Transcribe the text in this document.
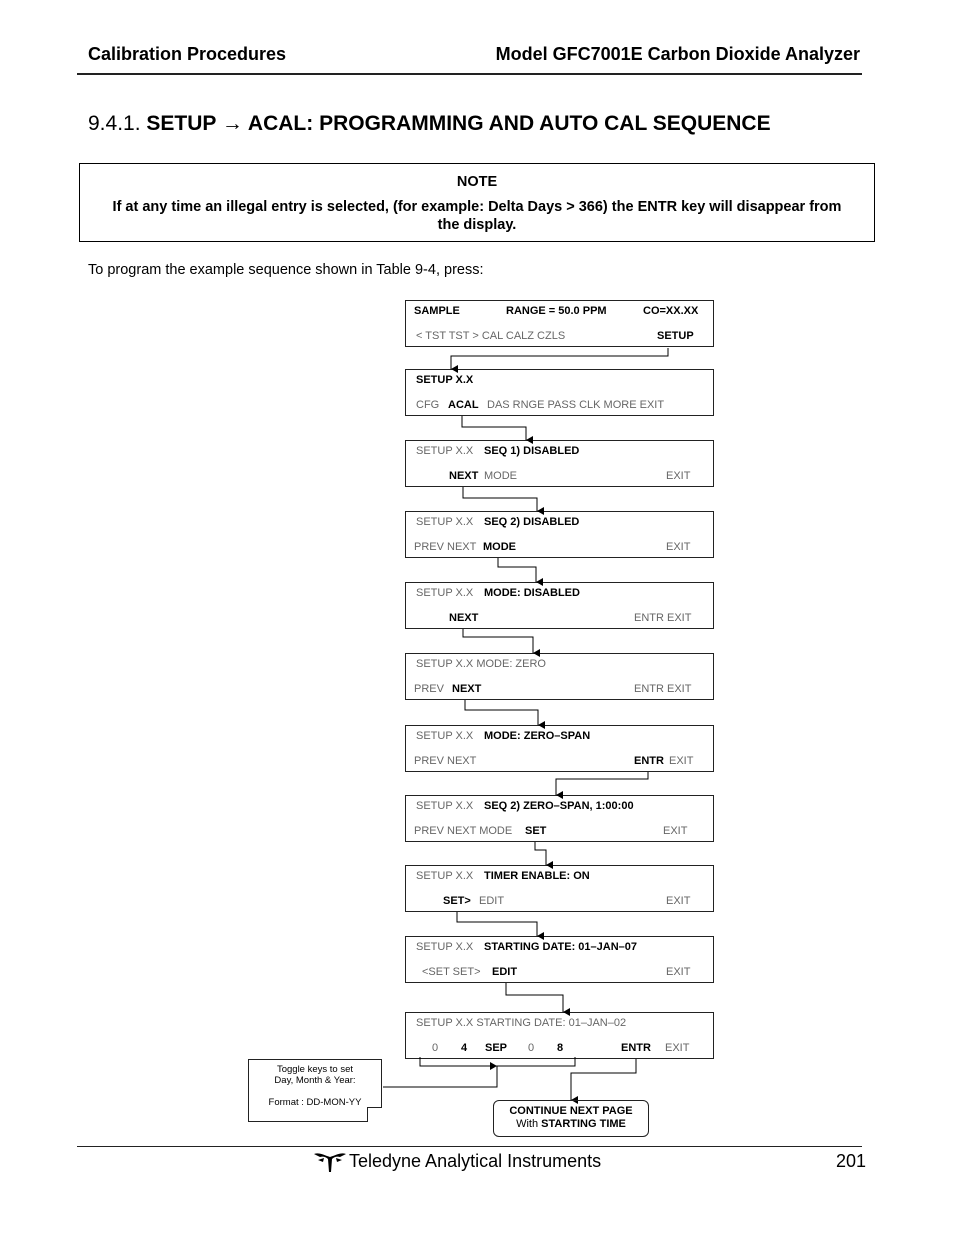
Calibration Procedures	Model GFC7001E Carbon Dioxide Analyzer
9.4.1. SETUP → ACAL: PROGRAMMING AND AUTO CAL SEQUENCE
NOTE
If at any time an illegal entry is selected, (for example: Delta Days > 366) the ENTR key will disappear from the display.
To program the example sequence shown in Table 9-4, press:
SAMPLE	RANGE = 50.0 PPM	CO=XX.XX
< TST TST > CAL CALZ CZLS	SETUP
SETUP X.X
CFG ACAL DAS RNGE PASS CLK MORE EXIT
SETUP X.X SEQ 1) DISABLED
NEXT MODE	EXIT
SETUP X.X SEQ 2) DISABLED
PREV NEXT MODE	EXIT
SETUP X.X MODE: DISABLED
NEXT	ENTR EXIT
SETUP X.X MODE: ZERO
PREV NEXT	ENTR EXIT
SETUP X.X MODE: ZERO–SPAN
PREV NEXT	ENTR EXIT
SETUP X.X SEQ 2) ZERO–SPAN, 1:00:00
PREV NEXT MODE SET	EXIT
SETUP X.X TIMER ENABLE: ON
SET> EDIT	EXIT
SETUP X.X STARTING DATE: 01–JAN–07
<SET SET> EDIT	EXIT
SETUP X.X STARTING DATE: 01–JAN–02
0 4 SEP 0 8	ENTR EXIT
Toggle keys to set
Day, Month & Year:
Format : DD-MON-YY
CONTINUE NEXT PAGE
With STARTING TIME
Teledyne Analytical Instruments	201
